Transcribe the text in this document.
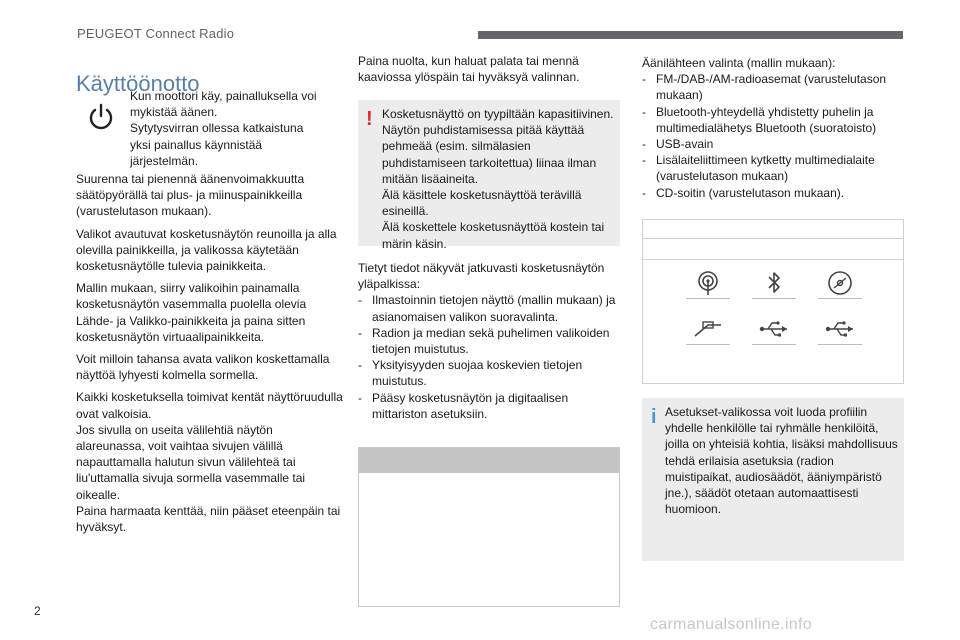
PEUGEOT Connect Radio
Käyttöönotto
Kun moottori käy, painalluksella voi
mykistää äänen.
Sytytysvirran ollessa katkaistuna
yksi painallus käynnistää
järjestelmän.

Suurenna tai pienennä äänenvoimakkuutta säätöpyörällä tai plus- ja miinuspainikkeilla (varustelutason mukaan).

Valikot avautuvat kosketusnäytön reunoilla ja alla olevilla painikkeilla, ja valikossa käytetään kosketusnäytölle tulevia painikkeita.

Mallin mukaan, siirry valikoihin painamalla kosketusnäytön vasemmalla puolella olevia Lähde- ja Valikko-painikkeita ja paina sitten kosketusnäytön virtuaalipainikkeita.

Voit milloin tahansa avata valikon koskettamalla näyttöä lyhyesti kolmella sormella.

Kaikki kosketuksella toimivat kentät näyttöruudulla ovat valkoisia.
Jos sivulla on useita välilehtiä näytön alareunassa, voit vaihtaa sivujen välillä napauttamalla halutun sivun välilehteä tai liu'uttamalla sivuja sormella vasemmalle tai oikealle.
Paina harmaata kenttää, niin pääset eteenpäin tai hyväksyt.

Paina nuolta, kun haluat palata tai mennä kaaviossa ylöspäin tai hyväksyä valinnan.

! Kosketusnäyttö on tyypiltään kapasitiivinen.
Näytön puhdistamisessa pitää käyttää pehmeää (esim. silmälasien puhdistamiseen tarkoitettua) liinaa ilman mitään lisäaineita.
Älä käsittele kosketusnäyttöä terävillä esineillä.
Älä koskettele kosketusnäyttöä kostein tai märin käsin.

Tietyt tiedot näkyvät jatkuvasti kosketusnäytön yläpalkissa:

- Ilmastoinnin tietojen näyttö (mallin mukaan) ja asianomaisen valikon suoravalinta.
- Radion ja median sekä puhelimen valikoiden tietojen muistutus.
- Yksityisyyden suojaa koskevien tietojen muistutus.
- Pääsy kosketusnäytön ja digitaalisen mittariston asetuksiin.
Äänilähteen valinta (mallin mukaan):
- FM-/DAB-/AM-radioasemat (varustelutason mukaan)
- Bluetooth-yhteydellä yhdistetty puhelin ja multimedialähetys Bluetooth (suoratoisto)
- USB-avain
- Lisälaiteliittimeen kytketty multimedialaite (varustelutason mukaan)
- CD-soitin (varustelutason mukaan).
i Asetukset-valikossa voit luoda profiilin yhdelle henkilölle tai ryhmälle henkilöitä, joilla on yhteisiä kohtia, lisäksi mahdollisuus tehdä erilaisia asetuksia (radion muistipaikat, audiosäädöt, ääniympäristö jne.), säädöt otetaan automaattisesti huomioon.
2
carmanualsonline.info
